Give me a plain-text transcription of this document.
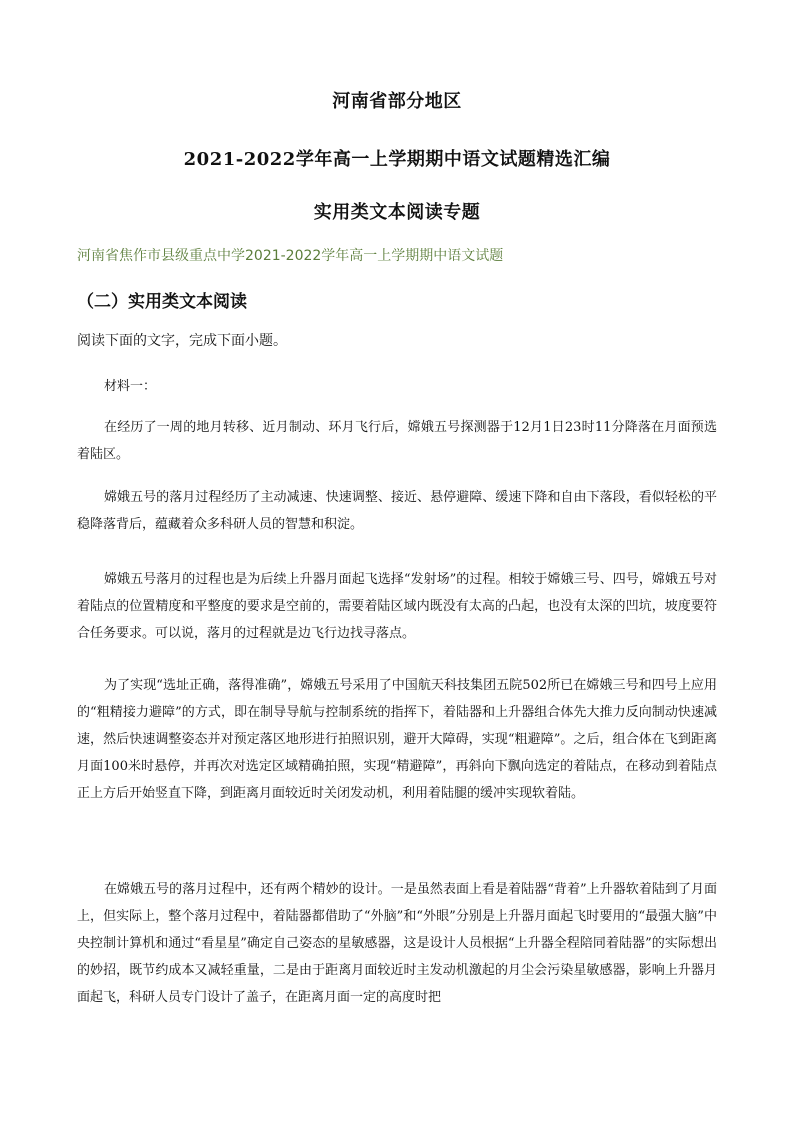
河南省部分地区
2021-2022学年高一上学期期中语文试题精选汇编
实用类文本阅读专题
河南省焦作市县级重点中学2021-2022学年高一上学期期中语文试题
（二）实用类文本阅读
阅读下面的文字，完成下面小题。
材料一：

在经历了一周的地月转移、近月制动、环月飞行后，嫦娥五号探测器于12月1日23时11分降落在月面预选着陆区。

嫦娥五号的落月过程经历了主动减速、快速调整、接近、悬停避障、缓速下降和自由下落段，看似轻松的平稳降落背后，蕴藏着众多科研人员的智慧和积淀。

嫦娥五号落月的过程也是为后续上升器月面起飞选择“发射场”的过程。相较于嫦娥三号、四号，嫦娥五号对着陆点的位置精度和平整度的要求是空前的，需要着陆区域内既没有太高的凸起，也没有太深的凹坑，坡度要符合任务要求。可以说，落月的过程就是边飞行边找寻落点。

为了实现“选址正确，落得准确”，嫦娥五号采用了中国航天科技集团五院502所已在嫦娥三号和四号上应用的“粗精接力避障”的方式，即在制导导航与控制系统的指挥下，着陆器和上升器组合体先大推力反向制动快速减速，然后快速调整姿态并对预定落区地形进行拍照识别，避开大障碍，实现“粗避障”。之后，组合体在飞到距离月面100米时悬停，并再次对选定区域精确拍照，实现“精避障”，再斜向下飘向选定的着陆点，在移动到着陆点正上方后开始竖直下降，到距离月面较近时关闭发动机，利用着陆腿的缓冲实现软着陆。

在嫦娥五号的落月过程中，还有两个精妙的设计。一是虽然表面上看是着陆器“背着”上升器软着陆到了月面上，但实际上，整个落月过程中，着陆器都借助了“外脑”和“外眼”分别是上升器月面起飞时要用的“最强大脑”中央控制计算机和通过“看星星”确定自己姿态的星敏感器，这是设计人员根据“上升器全程陪同着陆器”的实际想出的妙招，既节约成本又减轻重量，二是由于距离月面较近时主发动机激起的月尘会污染星敏感器，影响上升器月面起飞，科研人员专门设计了盖子，在距离月面一定的高度时把
